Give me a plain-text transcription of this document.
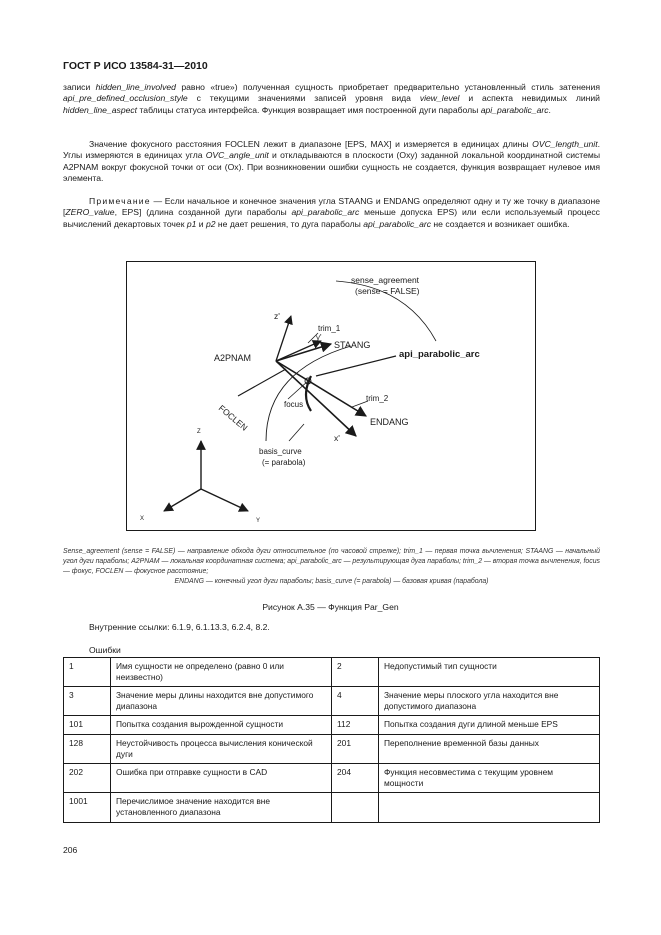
ГОСТ Р ИСО 13584-31—2010

записи hidden_line_involved равно «true») полученная сущность приобретает предварительно установленный стиль затенения api_pre_defined_occlusion_style с текущими значениями записей уровня вида view_level и аспекта невидимых линий hidden_line_aspect таблицы статуса интерфейса. Функция возвращает имя построенной дуги параболы api_parabolic_arc.

Значение фокусного расстояния FOCLEN лежит в диапазоне [EPS, MAX] и измеряется в единицах длины OVC_length_unit. Углы измеряются в единицах угла OVC_angle_unit и откладываются в плоскости (Oxy) заданной локальной координатной системы A2PNAM вокруг фокусной точки от оси (Ox). При возникновении ошибки сущность не создается, функция возвращает нулевое имя элемента.

Примечание — Если начальное и конечное значения угла STAANG и ENDANG определяют одну и ту же точку в диапазоне [ZERO_value, EPS] (длина созданной дуги параболы api_parabolic_arc меньше допуска EPS) или если используемый процесс вычислений декартовых точек p1 и p2 не дает решения, то дуга параболы api_parabolic_arc не создается и возникает ошибка.

sense_agreement
(sense = FALSE)
z'
trim_1
y'
STAANG
A2PNAM	api_parabolic_arc
trim_2
focus
FOCLEN	ENDANG
x'
basis_curve
(= parabola)
Z
X	Y

Sense_agreement (sense = FALSE) — направление обхода дуги относительное (по часовой стрелке); trim_1 — первая точка вычленения; STAANG — начальный угол дуги параболы; A2PNAM — локальная координатная система; api_parabolic_arc — результирующая дуга параболы; trim_2 — вторая точка вычленения, focus — фокус, FOCLEN — фокусное расстояние;
ENDANG — конечный угол дуги параболы; basis_curve (= parabola) — базовая кривая (парабола)

Рисунок А.35 — Функция Par_Gen
Внутренние ссылки: 6.1.9, 6.1.13.3, 6.2.4, 8.2.
Ошибки
1	Имя сущности не определено (равно 0 или неизвестно)	2	Недопустимый тип сущности
3	Значение меры длины находится вне допустимого диапазона	4	Значение меры плоского угла находится вне допустимого диапазона
101	Попытка создания вырожденной сущности	112	Попытка создания дуги длиной меньше EPS
128	Неустойчивость процесса вычисления конической дуги	201	Переполнение временной базы данных
202	Ошибка при отправке сущности в CAD	204	Функция несовместима с текущим уровнем мощности
1001	Перечислимое значение находится вне установленного диапазона		
206
